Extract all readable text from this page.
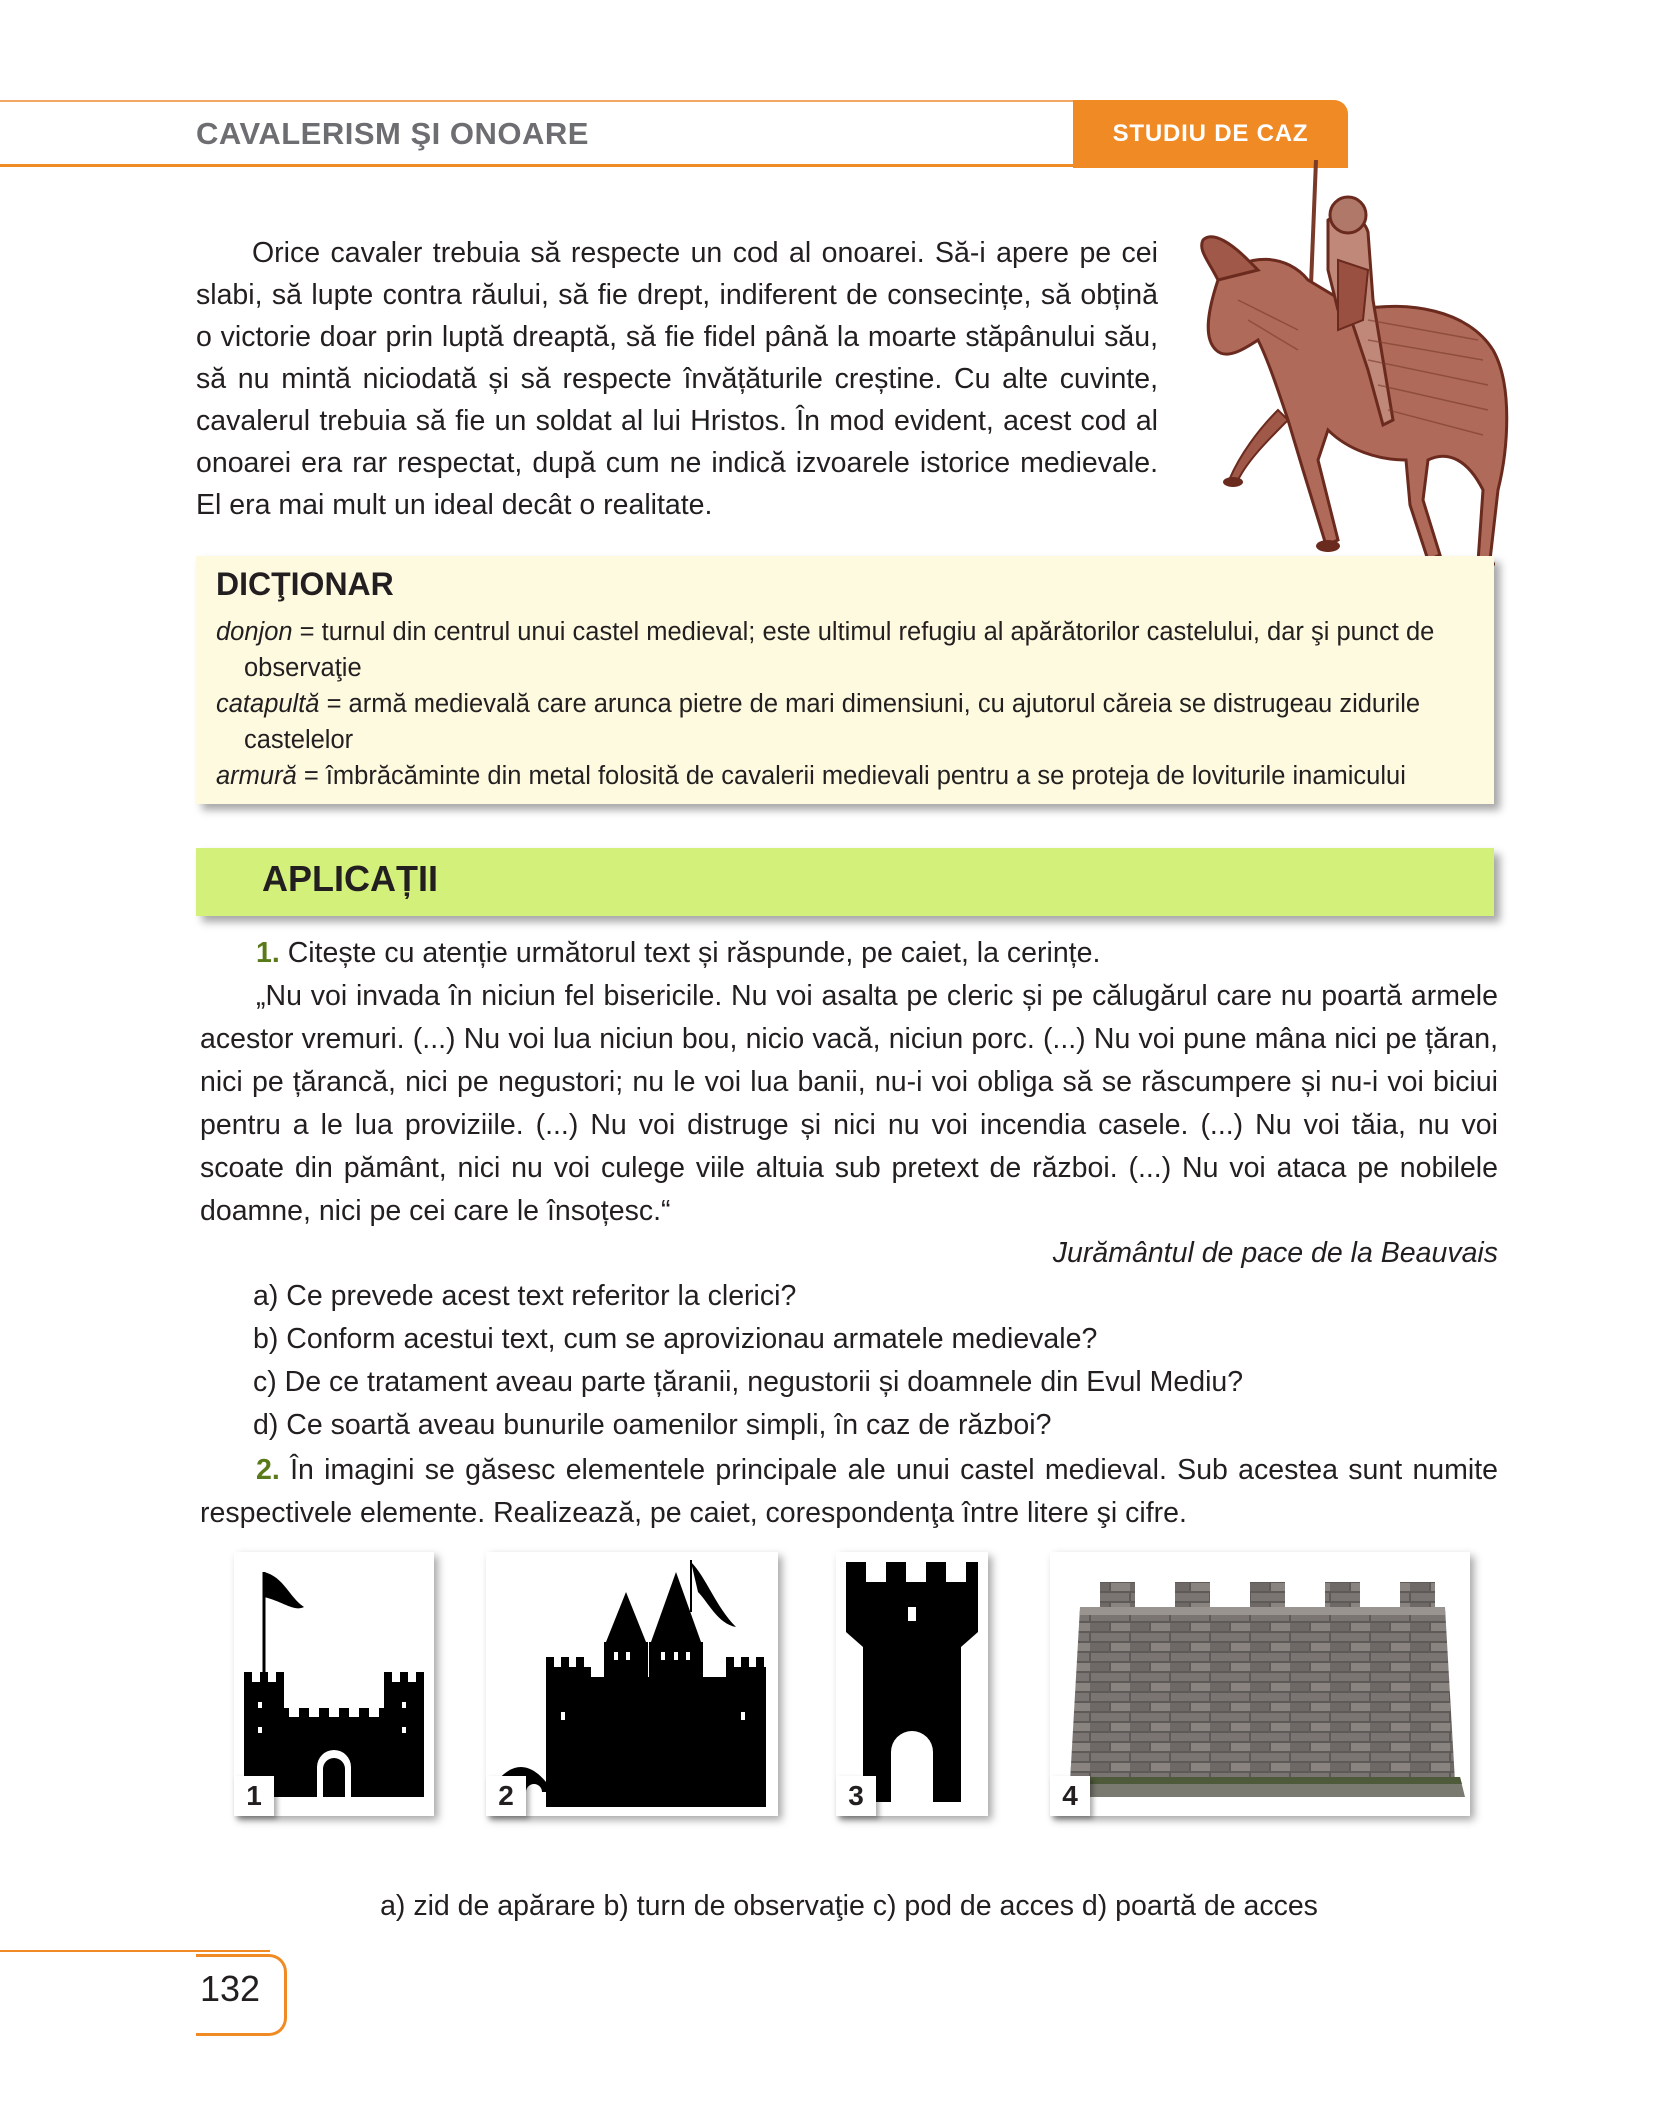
CAVALERISM ŞI ONOARE	STUDIU DE CAZ
Orice cavaler trebuia să respecte un cod al onoarei. Să-i apere pe cei slabi, să lupte contra răului, să fie drept, indiferent de consecințe, să obțină o victorie doar prin luptă dreaptă, să fie fidel până la moarte stăpânului său, să nu mintă niciodată și să respecte învățăturile creștine. Cu alte cuvinte, cavalerul trebuia să fie un soldat al lui Hristos. În mod evident, acest cod al onoarei era rar respectat, după cum ne indică izvoarele istorice medievale. El era mai mult un ideal decât o realitate.
DICŢIONAR
donjon = turnul din centrul unui castel medieval; este ultimul refugiu al apărătorilor castelului, dar şi punct de
observaţie
catapultă = armă medievală care arunca pietre de mari dimensiuni, cu ajutorul căreia se distrugeau zidurile
castelelor
armură = îmbrăcăminte din metal folosită de cavalerii medievali pentru a se proteja de loviturile inamicului
APLICAȚII
1. Citește cu atenție următorul text și răspunde, pe caiet, la cerințe.
„Nu voi invada în niciun fel bisericile. Nu voi asalta pe cleric și pe călugărul care nu poartă armele acestor vremuri. (...) Nu voi lua niciun bou, nicio vacă, niciun porc. (...) Nu voi pune mâna nici pe țăran, nici pe țărancă, nici pe negustori; nu le voi lua banii, nu-i voi obliga să se răscumpere și nu-i voi biciui pentru a le lua proviziile. (...) Nu voi distruge și nici nu voi incendia casele. (...) Nu voi tăia, nu voi scoate din pământ, nici nu voi culege viile altuia sub pretext de război. (...) Nu voi ataca pe nobilele doamne, nici pe cei care le însoțesc.“
Jurământul de pace de la Beauvais
a) Ce prevede acest text referitor la clerici?
b) Conform acestui text, cum se aprovizionau armatele medievale?
c) De ce tratament aveau parte țăranii, negustorii și doamnele din Evul Mediu?
d) Ce soartă aveau bunurile oamenilor simpli, în caz de război?
2. În imagini se găsesc elementele principale ale unui castel medieval. Sub acestea sunt numite respectivele elemente. Realizează, pe caiet, corespondenţa între litere şi cifre.
1	2	3	4
a) zid de apărare b) turn de observaţie c) pod de acces d) poartă de acces
132
